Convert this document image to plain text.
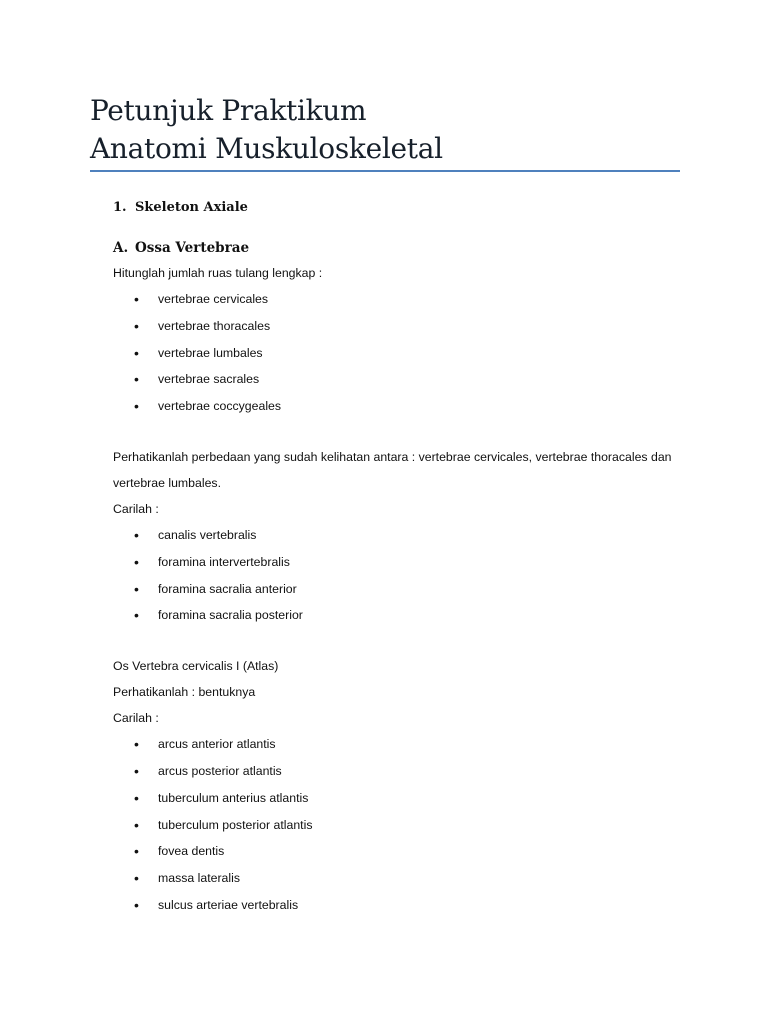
Petunjuk Praktikum
Anatomi Muskuloskeletal

1. Skeleton Axiale

A. Ossa Vertebrae

Hitunglah jumlah ruas tulang lengkap :

• vertebrae cervicales
• vertebrae thoracales
• vertebrae lumbales
• vertebrae sacrales
• vertebrae coccygeales

Perhatikanlah perbedaan yang sudah kelihatan antara : vertebrae cervicales, vertebrae thoracales dan
vertebrae lumbales.

Carilah :

• canalis vertebralis
• foramina intervertebralis
• foramina sacralia anterior
• foramina sacralia posterior

Os Vertebra cervicalis I (Atlas)

Perhatikanlah : bentuknya

Carilah :

• arcus anterior atlantis
• arcus posterior atlantis
• tuberculum anterius atlantis
• tuberculum posterior atlantis
• fovea dentis
• massa lateralis
• sulcus arteriae vertebralis
